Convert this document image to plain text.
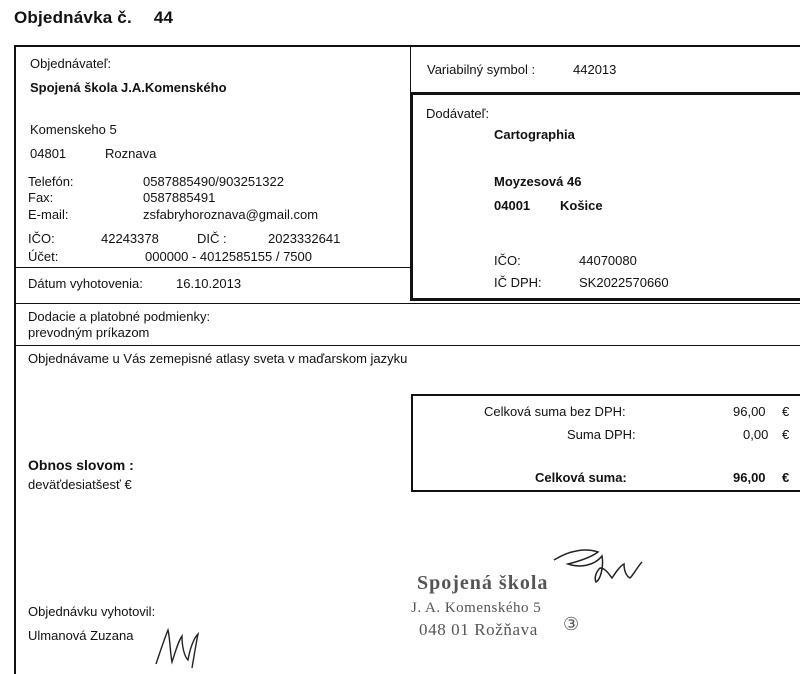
Objednávka č. 44
Objednávateľ:
Spojená škola J.A.Komenského
Komenskeho 5
04801	Roznava
Telefón:	0587885490/903251322
Fax:	0587885491
E-mail:	zsfabryhoroznava@gmail.com
IČO:	42243378	DIČ :	2023332641
Účet:	000000 - 4012585155 / 7500
Dátum vyhotovenia:	16.10.2013
Variabilný symbol :	442013
Dodávateľ:
Cartographia
Moyzesová 46
04001 Košice
IČO:	44070080
IČ DPH:	SK2022570660
Dodacie a platobné podmienky:
prevodným príkazom
Objednávame u Vás zemepisné atlasy sveta v maďarskom jazyku
Celková suma bez DPH:	96,00 €
Suma DPH:	0,00 €
Celková suma:	96,00 €
Obnos slovom :
deväťdesiatšesť €
Objednávku vyhotovil:
Ulmanová Zuzana
Spojená škola
J. A. Komenského 5
048 01 Rožňava ③
